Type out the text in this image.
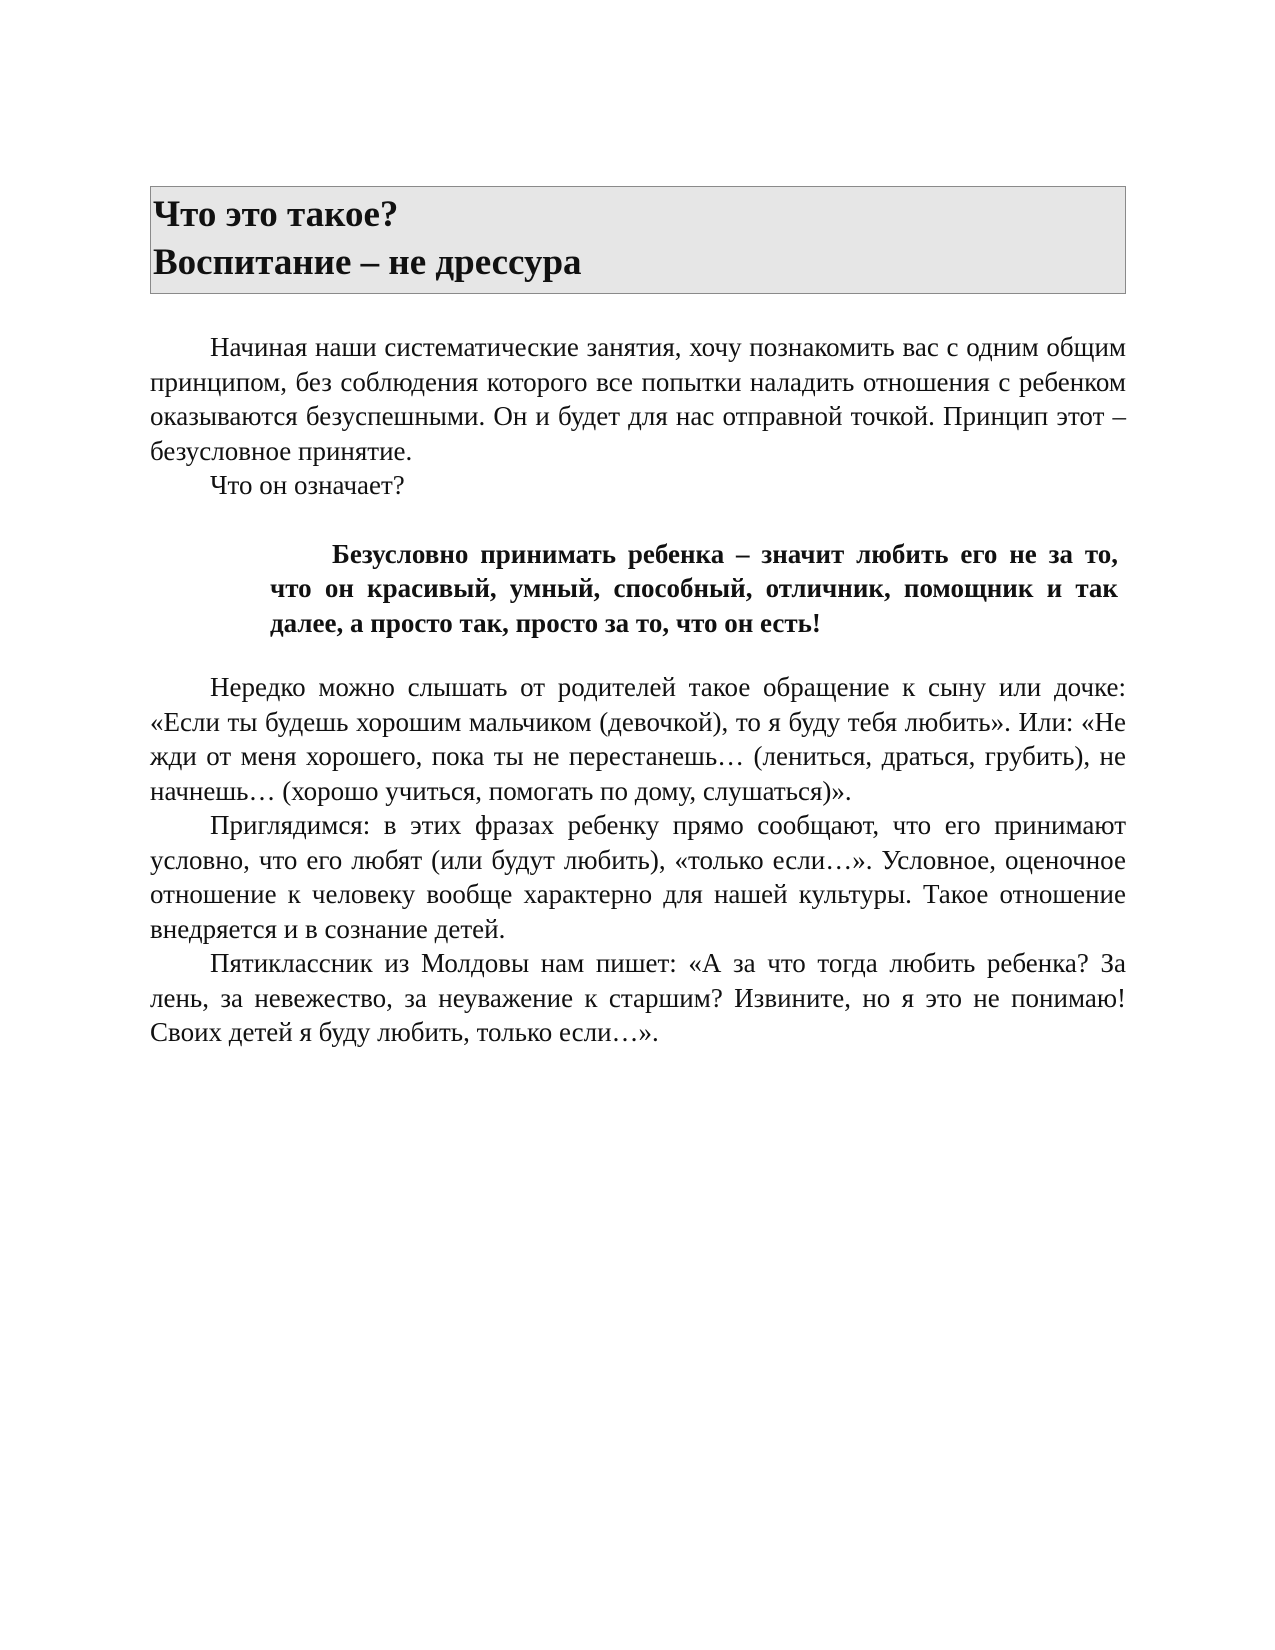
Что это такое?

Воспитание – не дрессура

Начиная наши систематические занятия, хочу познакомить вас с одним общим принципом, без соблюдения которого все попытки наладить отношения с ребенком оказываются безуспешными. Он и будет для нас отправной точкой. Принцип этот – безусловное принятие.

Что он означает?

Безусловно принимать ребенка – значит любить его не за то, что он красивый, умный, способный, отличник, помощник и так далее, а просто так, просто за то, что он есть!

Нередко можно слышать от родителей такое обращение к сыну или дочке: «Если ты будешь хорошим мальчиком (девочкой), то я буду тебя любить». Или: «Не жди от меня хорошего, пока ты не перестанешь… (лениться, драться, грубить), не начнешь… (хорошо учиться, помогать по дому, слушаться)».

Приглядимся: в этих фразах ребенку прямо сообщают, что его принимают условно, что его любят (или будут любить), «только если…». Условное, оценочное отношение к человеку вообще характерно для нашей культуры. Такое отношение внедряется и в сознание детей.

Пятиклассник из Молдовы нам пишет: «А за что тогда любить ребенка? За лень, за невежество, за неуважение к старшим? Извините, но я это не понимаю! Своих детей я буду любить, только если…».
